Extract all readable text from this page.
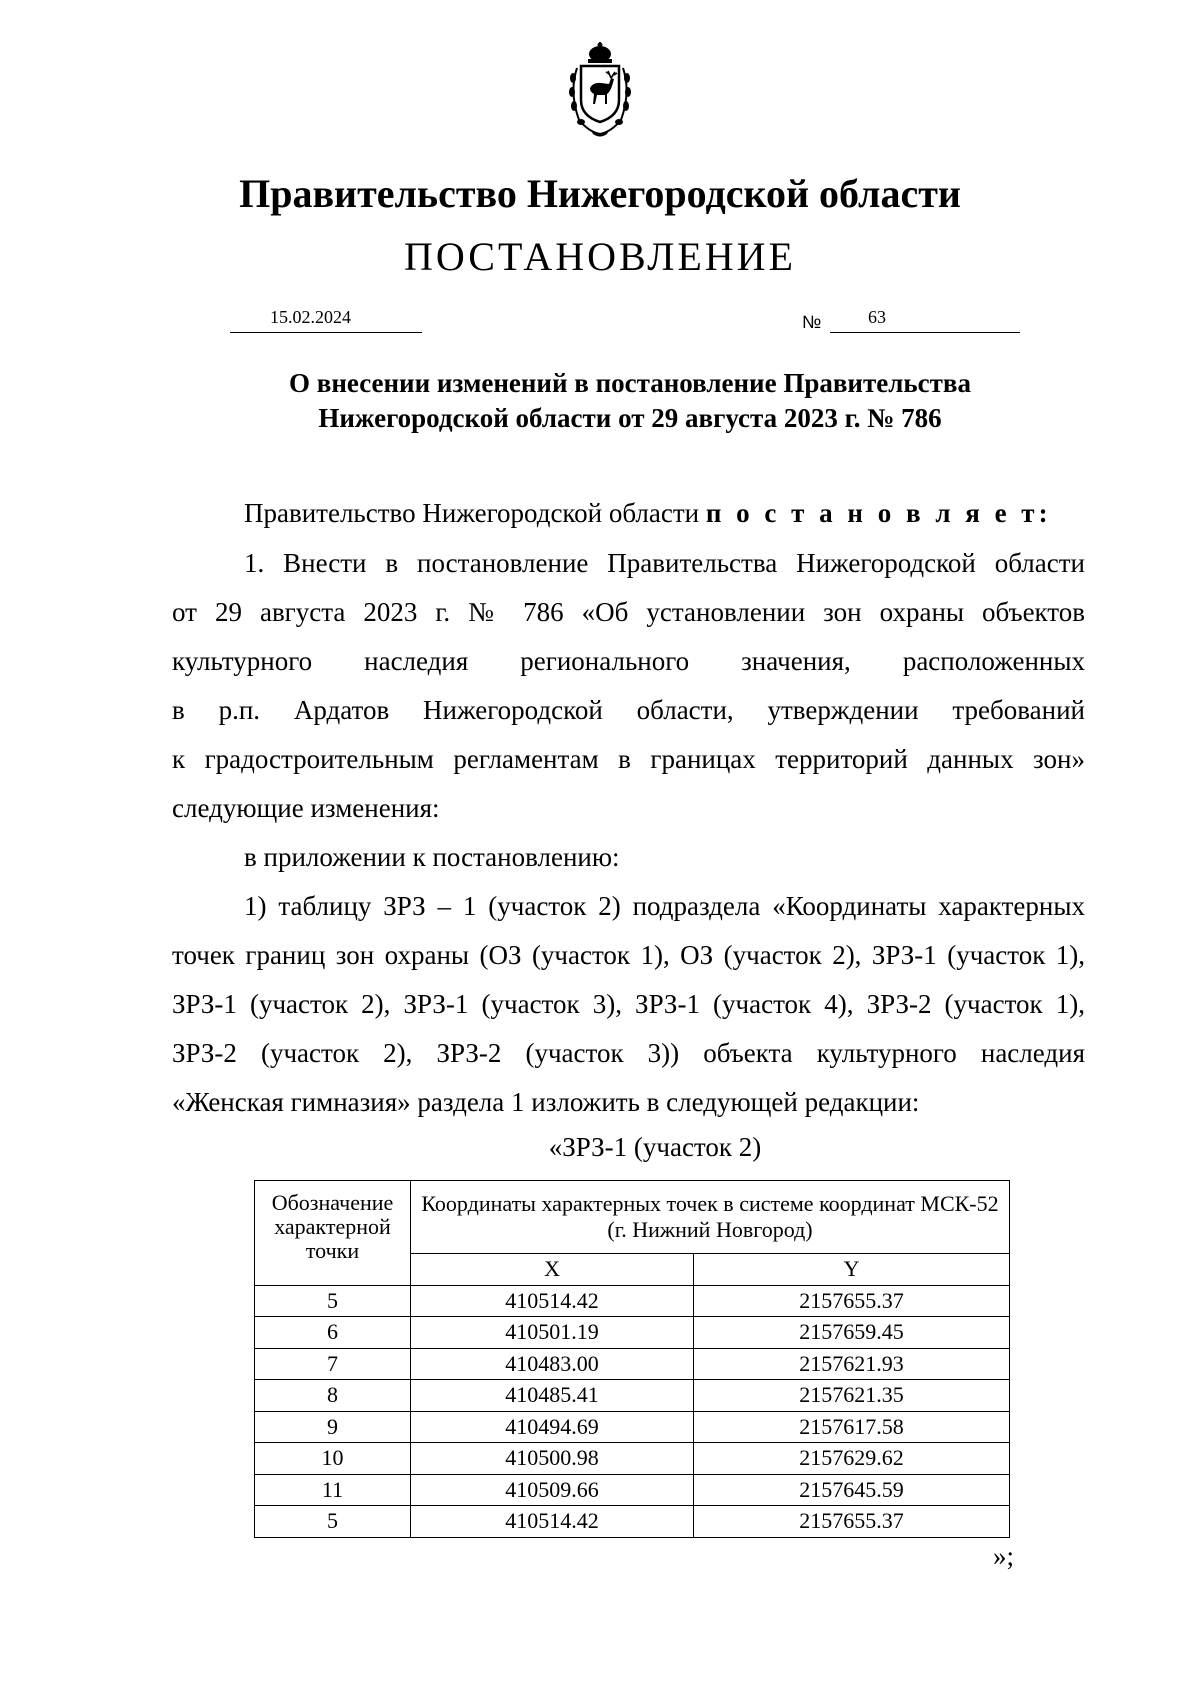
Правительство Нижегородской области
ПОСТАНОВЛЕНИЕ
15.02.2024	№	63
О внесении изменений в постановление Правительства
Нижегородской области от 29 августа 2023 г. № 786
Правительство Нижегородской области п о с т а н о в л я е т:
1. Внести в постановление Правительства Нижегородской области
от 29 августа 2023 г. № 786 «Об установлении зон охраны объектов
культурного наследия регионального значения, расположенных
в р.п. Ардатов Нижегородской области, утверждении требований
к градостроительным регламентам в границах территорий данных зон»
следующие изменения:
в приложении к постановлению:
1) таблицу ЗРЗ – 1 (участок 2) подраздела «Координаты характерных
точек границ зон охраны (ОЗ (участок 1), ОЗ (участок 2), ЗРЗ-1 (участок 1),
ЗРЗ-1 (участок 2), ЗРЗ-1 (участок 3), ЗРЗ-1 (участок 4), ЗРЗ-2 (участок 1),
ЗРЗ-2 (участок 2), ЗРЗ-2 (участок 3)) объекта культурного наследия
«Женская гимназия» раздела 1 изложить в следующей редакции:
«ЗРЗ-1 (участок 2)
Обозначение характерной точки	Координаты характерных точек в системе координат МСК-52 (г. Нижний Новгород)	
	X	Y
5	410514.42	2157655.37
6	410501.19	2157659.45
7	410483.00	2157621.93
8	410485.41	2157621.35
9	410494.69	2157617.58
10	410500.98	2157629.62
11	410509.66	2157645.59
5	410514.42	2157655.37
»;
